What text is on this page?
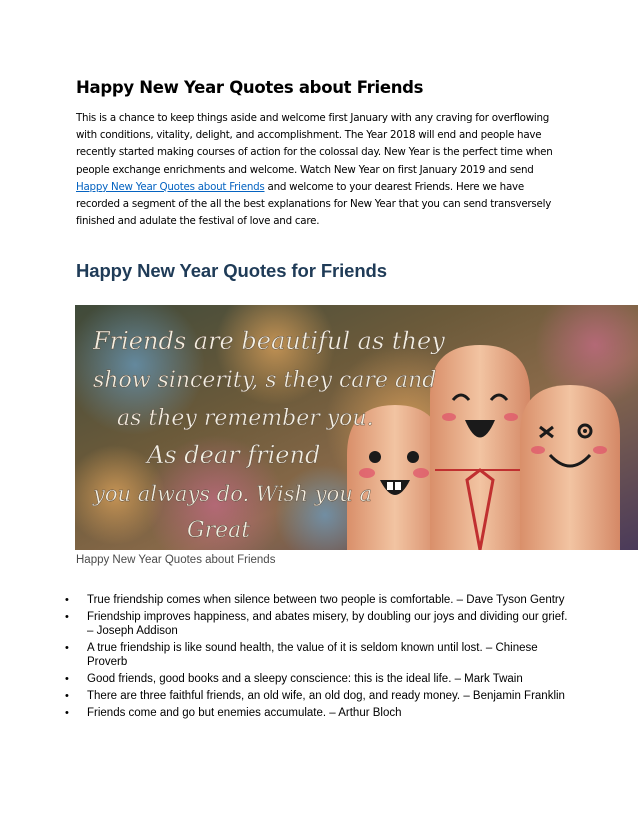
Happy New Year Quotes about Friends

This is a chance to keep things aside and welcome first January with any craving for overflowing with conditions, vitality, delight, and accomplishment. The Year 2018 will end and people have recently started making courses of action for the colossal day. New Year is the perfect time when people exchange enrichments and welcome. Watch New Year on first January 2019 and send Happy New Year Quotes about Friends and welcome to your dearest Friends. Here we have recorded a segment of the all the best explanations for New Year that you can send transversely finished and adulate the festival of love and care.

Happy New Year Quotes for Friends
Friends are beautiful as they
show sincerity, s they care and
as they remember you.
As dear friend
you always do. Wish you a
Great

Happy New Year Quotes about Friends

• True friendship comes when silence between two people is comfortable. – Dave Tyson Gentry
• Friendship improves happiness, and abates misery, by doubling our joys and dividing our grief. – Joseph Addison
• A true friendship is like sound health, the value of it is seldom known until lost. – Chinese Proverb
• Good friends, good books and a sleepy conscience: this is the ideal life. – Mark Twain
• There are three faithful friends, an old wife, an old dog, and ready money. – Benjamin Franklin
• Friends come and go but enemies accumulate. – Arthur Bloch
